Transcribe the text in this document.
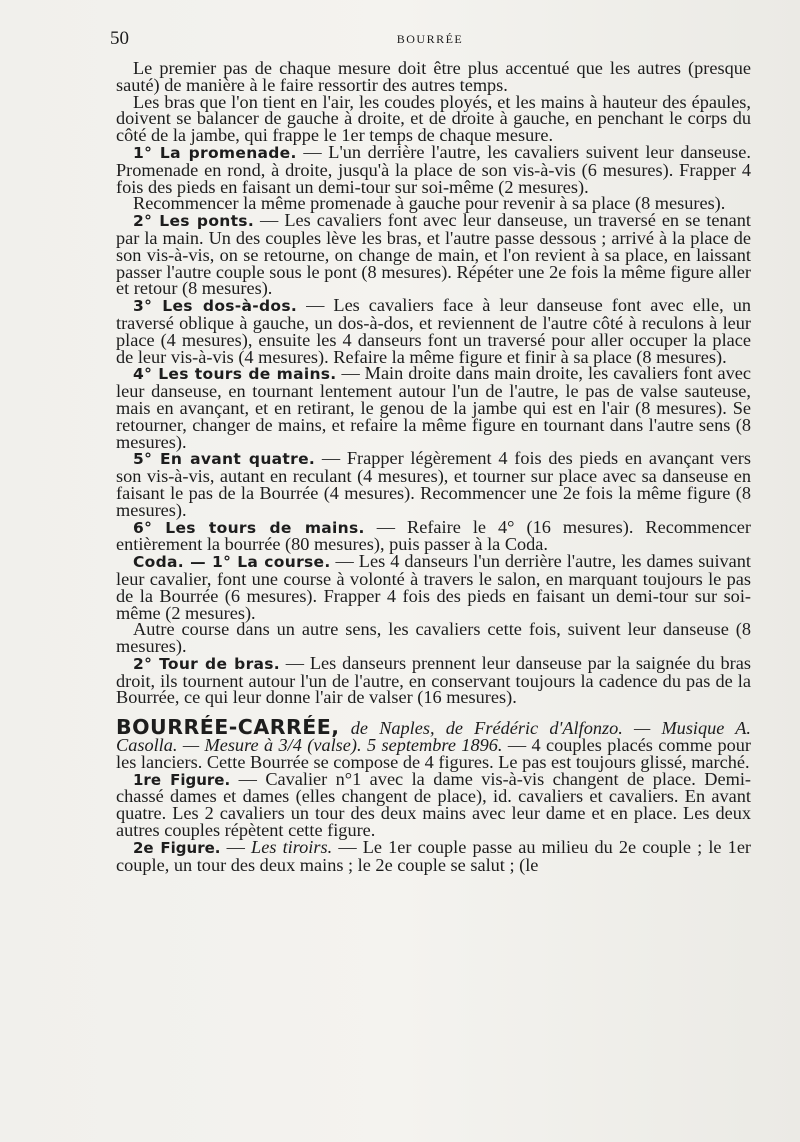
50	BOURRÉE

Le premier pas de chaque mesure doit être plus accentué que les autres (presque sauté) de manière à le faire ressortir des autres temps.

Les bras que l'on tient en l'air, les coudes ployés, et les mains à hauteur des épaules, doivent se balancer de gauche à droite, et de droite à gauche, en penchant le corps du côté de la jambe, qui frappe le 1er temps de chaque mesure.

1° La promenade. — L'un derrière l'autre, les cavaliers suivent leur danseuse. Promenade en rond, à droite, jusqu'à la place de son vis-à-vis (6 mesures). Frapper 4 fois des pieds en faisant un demi-tour sur soi-même (2 mesures).

Recommencer la même promenade à gauche pour revenir à sa place (8 mesures).

2° Les ponts. — Les cavaliers font avec leur danseuse, un traversé en se tenant par la main. Un des couples lève les bras, et l'autre passe dessous ; arrivé à la place de son vis-à-vis, on se retourne, on change de main, et l'on revient à sa place, en laissant passer l'autre couple sous le pont (8 mesures). Répéter une 2e fois la même figure aller et retour (8 mesures).

3° Les dos-à-dos. — Les cavaliers face à leur danseuse font avec elle, un traversé oblique à gauche, un dos-à-dos, et reviennent de l'autre côté à reculons à leur place (4 mesures), ensuite les 4 danseurs font un traversé pour aller occuper la place de leur vis-à-vis (4 mesures). Refaire la même figure et finir à sa place (8 mesures).

4° Les tours de mains. — Main droite dans main droite, les cavaliers font avec leur danseuse, en tournant lentement autour l'un de l'autre, le pas de valse sauteuse, mais en avançant, et en retirant, le genou de la jambe qui est en l'air (8 mesures). Se retourner, changer de mains, et refaire la même figure en tournant dans l'autre sens (8 mesures).

5° En avant quatre. — Frapper légèrement 4 fois des pieds en avançant vers son vis-à-vis, autant en reculant (4 mesures), et tourner sur place avec sa danseuse en faisant le pas de la Bourrée (4 mesures). Recommencer une 2e fois la même figure (8 mesures).

6° Les tours de mains. — Refaire le 4° (16 mesures). Recommencer entièrement la bourrée (80 mesures), puis passer à la Coda.

Coda. — 1° La course. — Les 4 danseurs l'un derrière l'autre, les dames suivant leur cavalier, font une course à volonté à travers le salon, en marquant toujours le pas de la Bourrée (6 mesures). Frapper 4 fois des pieds en faisant un demi-tour sur soi-même (2 mesures).

Autre course dans un autre sens, les cavaliers cette fois, suivent leur danseuse (8 mesures).

2° Tour de bras. — Les danseurs prennent leur danseuse par la saignée du bras droit, ils tournent autour l'un de l'autre, en conservant toujours la cadence du pas de la Bourrée, ce qui leur donne l'air de valser (16 mesures).

BOURRÉE-CARRÉE, de Naples, de Frédéric d'Alfonzo. — Musique A. Casolla. — Mesure à 3/4 (valse). 5 septembre 1896. — 4 couples placés comme pour les lanciers. Cette Bourrée se compose de 4 figures. Le pas est toujours glissé, marché.

1re Figure. — Cavalier n°1 avec la dame vis-à-vis changent de place. Demi-chassé dames et dames (elles changent de place), id. cavaliers et cavaliers. En avant quatre. Les 2 cavaliers un tour des deux mains avec leur dame et en place. Les deux autres couples répètent cette figure.

2e Figure. — Les tiroirs. — Le 1er couple passe au milieu du 2e couple ; le 1er couple, un tour des deux mains ; le 2e couple se salut ; (le
